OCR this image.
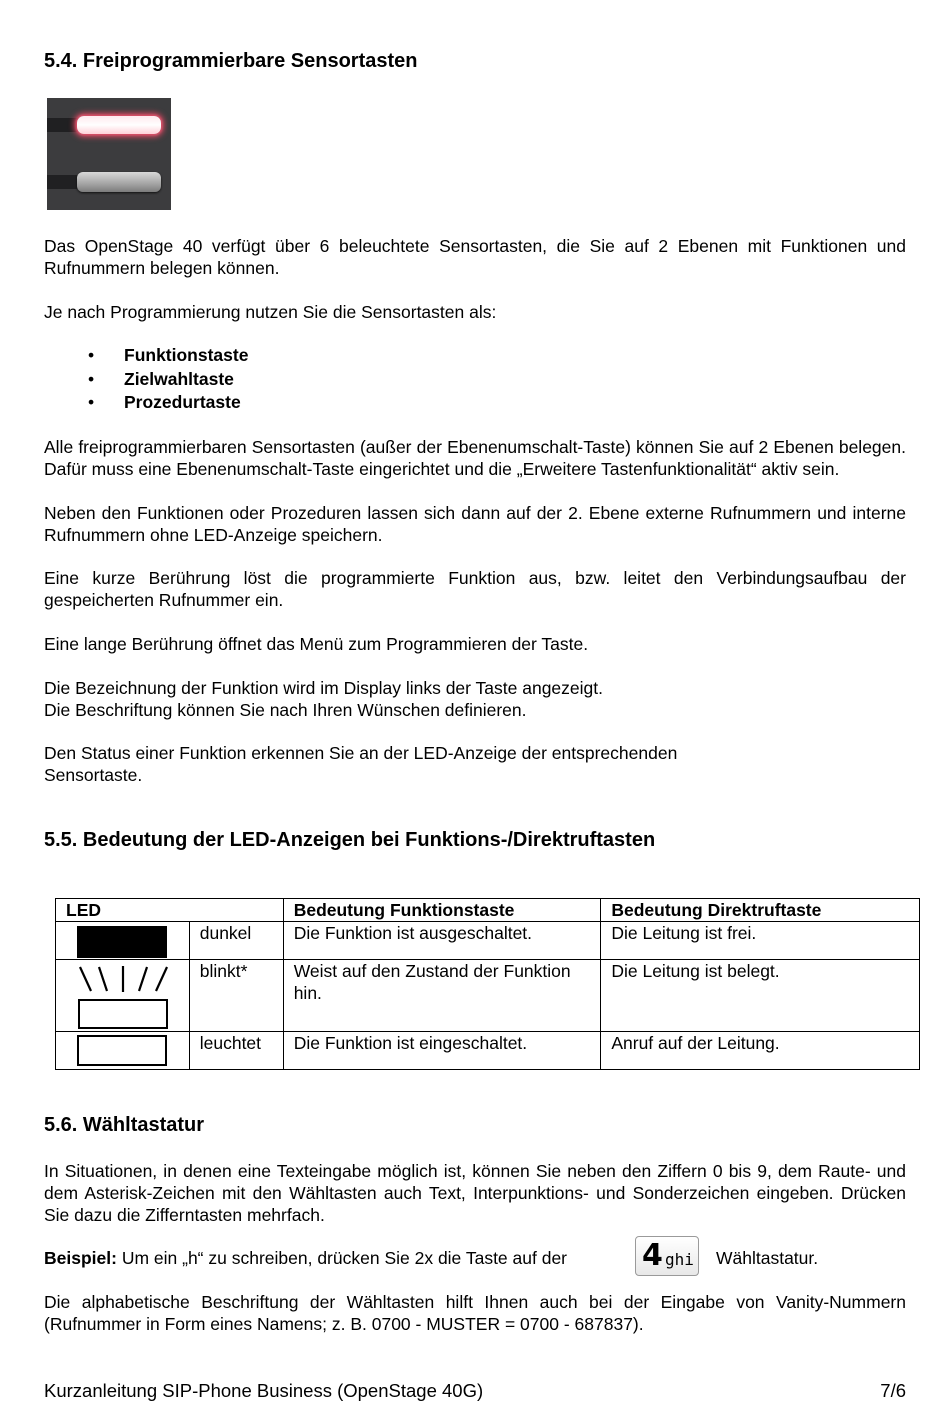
5.4. Freiprogrammierbare Sensortasten
Das OpenStage 40 verfügt über 6 beleuchtete Sensortasten, die Sie auf 2 Ebenen mit Funktionen und Rufnummern belegen können.
Je nach Programmierung nutzen Sie die Sensortasten als:
• Funktionstaste
• Zielwahltaste
• Prozedurtaste
Alle freiprogrammierbaren Sensortasten (außer der Ebenenumschalt-Taste) können Sie auf 2 Ebenen belegen. Dafür muss eine Ebenenumschalt-Taste eingerichtet und die „Erweitere Tastenfunktionalität“ aktiv sein.
Neben den Funktionen oder Prozeduren lassen sich dann auf der 2. Ebene externe Rufnummern und interne Rufnummern ohne LED-Anzeige speichern.
Eine kurze Berührung löst die programmierte Funktion aus, bzw. leitet den Verbindungsaufbau der gespeicherten Rufnummer ein.
Eine lange Berührung öffnet das Menü zum Programmieren der Taste.
Die Bezeichnung der Funktion wird im Display links der Taste angezeigt.
Die Beschriftung können Sie nach Ihren Wünschen definieren.
Den Status einer Funktion erkennen Sie an der LED-Anzeige der entsprechenden
Sensortaste.
5.5. Bedeutung der LED-Anzeigen bei Funktions-/Direktruftasten
LED		Bedeutung Funktionstaste	Bedeutung Direktruftaste

	dunkel	Die Funktion ist ausgeschaltet.	Die Leitung ist frei.

	blinkt*	Weist auf den Zustand der Funktion hin.	Die Leitung ist belegt.

	leuchtet	Die Funktion ist eingeschaltet.	Anruf auf der Leitung.
5.6. Wähltastatur
In Situationen, in denen eine Texteingabe möglich ist, können Sie neben den Ziffern 0 bis 9, dem Raute- und dem Asterisk-Zeichen mit den Wähltasten auch Text, Interpunktions- und Sonderzeichen eingeben. Drücken Sie dazu die Zifferntasten mehrfach.
Beispiel: Um ein „h“ zu schreiben, drücken Sie 2x die Taste auf der	4 ghi Wähltastatur.
Die alphabetische Beschriftung der Wähltasten hilft Ihnen auch bei der Eingabe von Vanity-Nummern (Rufnummer in Form eines Namens; z. B. 0700 - MUSTER = 0700 - 687837).
Kurzanleitung SIP-Phone Business (OpenStage 40G)	7/6
